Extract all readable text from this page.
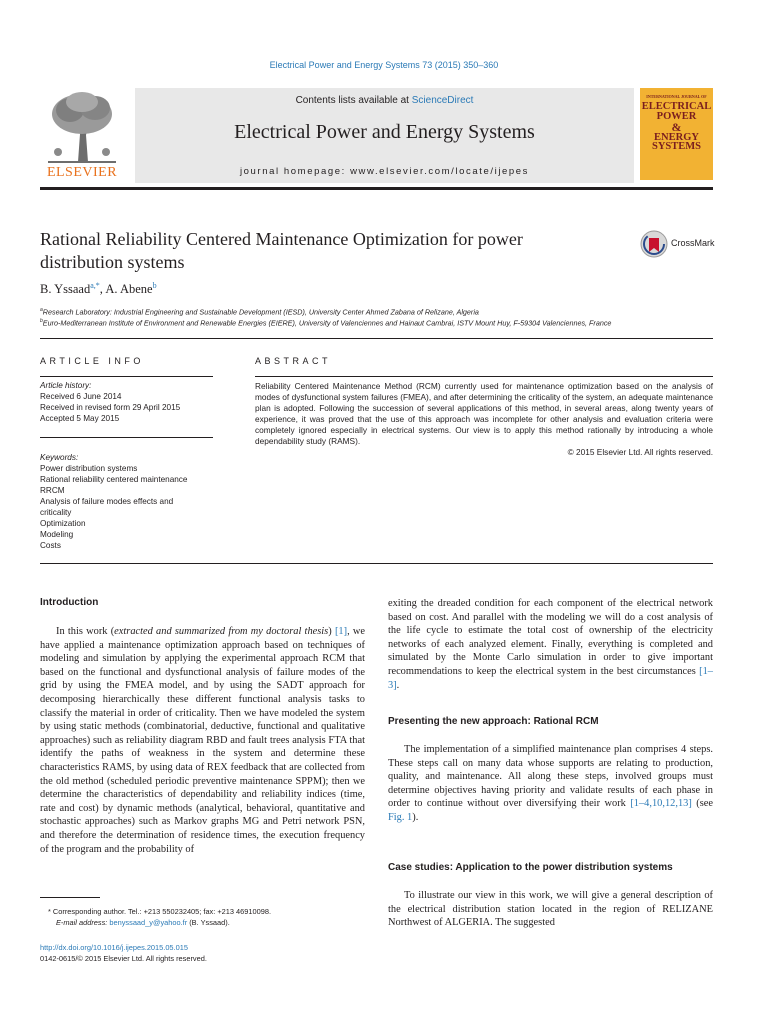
Electrical Power and Energy Systems 73 (2015) 350–360
Contents lists available at ScienceDirect
Electrical Power and Energy Systems
journal homepage: www.elsevier.com/locate/ijepes
ELSEVIER
INTERNATIONAL JOURNAL OF
ELECTRICAL
POWER
&
ENERGY
SYSTEMS
Rational Reliability Centered Maintenance Optimization for power distribution systems
CrossMark
B. Yssaad$^{a,*}$, A. Abene$^b$
$^a$Research Laboratory: Industrial Engineering and Sustainable Development (IESD), University Center Ahmed Zabana of Relizane, Algeria
$^b$Euro-Mediterranean Institute of Environment and Renewable Energies (EIERE), University of Valenciennes and Hainaut Cambrai, ISTV Mount Huy, F-59304 Valenciennes, France
ARTICLE INFO
Article history:
Received 6 June 2014
Received in revised form 29 April 2015
Accepted 5 May 2015
Keywords:
Power distribution systems
Rational reliability centered maintenance
RRCM
Analysis of failure modes effects and
criticality
Optimization
Modeling
Costs
ABSTRACT
Reliability Centered Maintenance Method (RCM) currently used for maintenance optimization based on the analysis of modes of dysfunctional system failures (FMEA), and after determining the criticality of the system, an adequate maintenance plan is adopted. Following the succession of several applications of this method, in several areas, along twenty years of experience, it was proved that the use of this approach was incomplete for other analysis and evaluation criteria were completely ignored especially in electrical systems. Our view is to apply this method rationally by introducing a whole dependability study (RAMS).
© 2015 Elsevier Ltd. All rights reserved.
Introduction
In this work (extracted and summarized from my doctoral thesis) [1], we have applied a maintenance optimization approach based on techniques of modeling and simulation by applying the experimental approach RCM that based on the functional and dysfunctional analysis of failure modes of the grid by using the FMEA model, and by using the SADT approach for decomposing hierarchically these different functional analysis tasks to classify the material in order of criticality. Then we have modeled the system by using static methods (combinatorial, deductive, functional and qualitative approaches) such as reliability diagram RBD and fault trees analysis FTA that identify the paths of weakness in the system and determine these characteristics RAMS, by using data of REX feedback that are collected from the old method (scheduled periodic preventive maintenance SPPM); then we determine the characteristics of dependability and reliability indices (time, rate and cost) by dynamic methods (analytical, behavioral, quantitative and stochastic approaches) such as Markov graphs MG and Petri network PSN, and therefore the determination of residence times, the execution frequency of the program and the probability of
exiting the dreaded condition for each component of the electrical network based on cost. And parallel with the modeling we will do a cost analysis of the life cycle to estimate the total cost of ownership of the electricity networks of each analyzed element. Finally, everything is completed and simulated by the Monte Carlo simulation in order to give important recommendations to keep the electrical system in the best circumstances [1–3].
Presenting the new approach: Rational RCM
The implementation of a simplified maintenance plan comprises 4 steps. These steps call on many data whose supports are relating to production, quality, and maintenance. All along these steps, involved groups must determine objectives having priority and validate results of each phase in order to continue without over diversifying their work [1–4,10,12,13] (see Fig. 1).
Case studies: Application to the power distribution systems
To illustrate our view in this work, we will give a general description of the electrical distribution station located in the region of RELIZANE Northwest of ALGERIA. The suggested
* Corresponding author. Tel.: +213 550232405; fax: +213 46910098.
E-mail address: benyssaad_y@yahoo.fr (B. Yssaad).
http://dx.doi.org/10.1016/j.ijepes.2015.05.015
0142-0615/© 2015 Elsevier Ltd. All rights reserved.
